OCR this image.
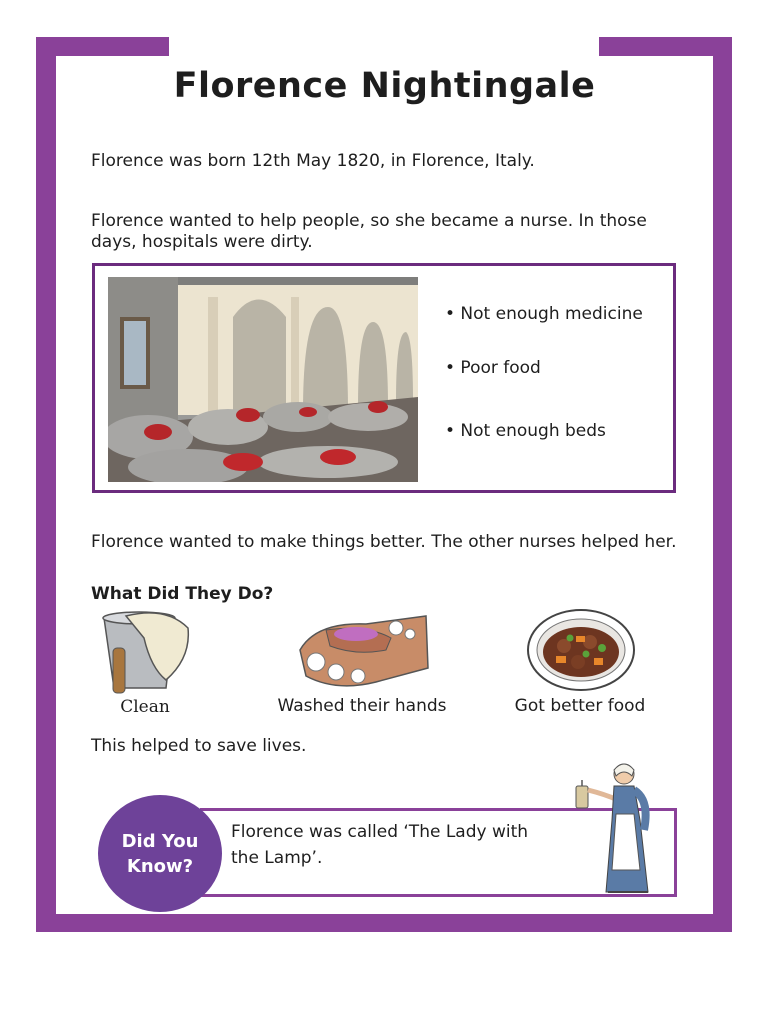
Florence Nightingale
Florence was born 12th May 1820, in Florence, Italy.
Florence wanted to help people, so she became a nurse. In those days, hospitals were dirty.
• Not enough medicine
• Poor food
• Not enough beds
Florence wanted to make things better. The other nurses helped her.
What Did They Do?
Clean	Washed their hands	Got better food
This helped to save lives.
Did You
Know?
Florence was called ‘The Lady with the Lamp’.
